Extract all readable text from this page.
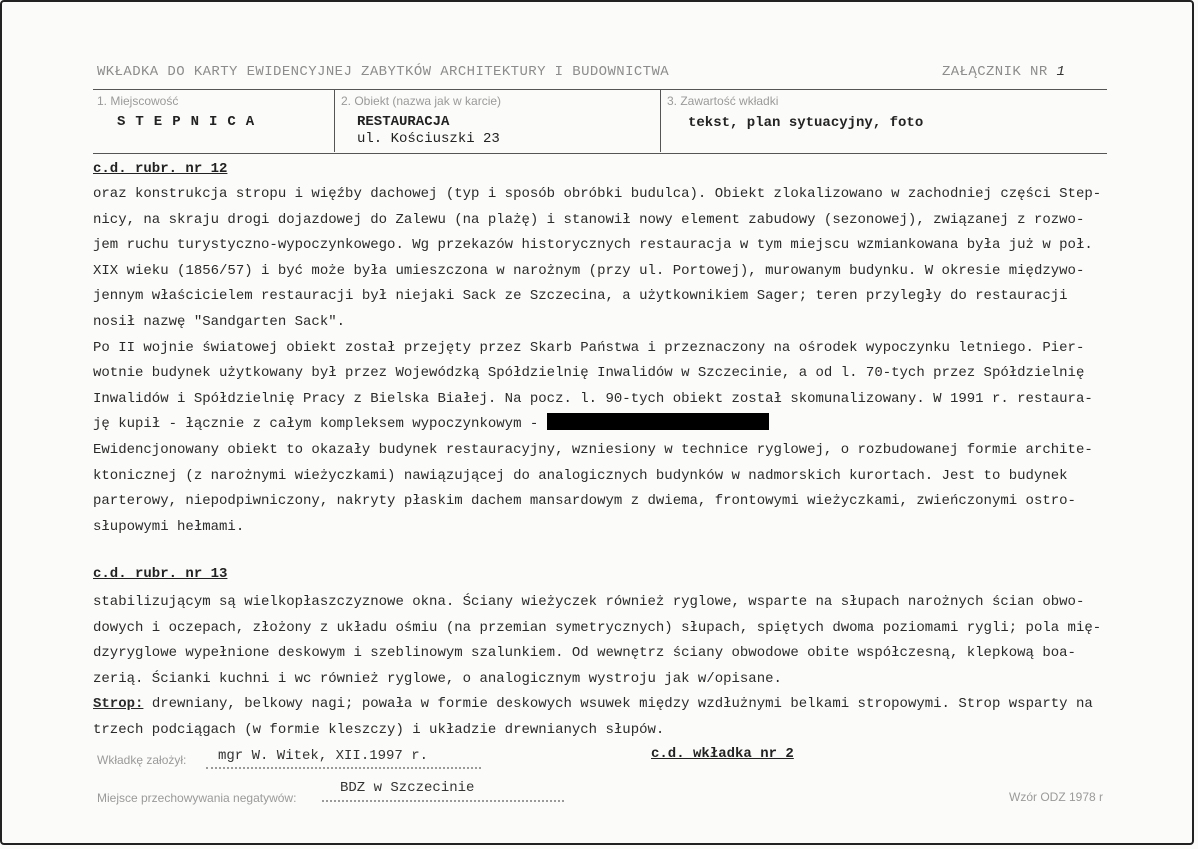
WKŁADKA DO KARTY EWIDENCYJNEJ ZABYTKÓW ARCHITEKTURY I BUDOWNICTWA	ZAŁĄCZNIK NR 1
1. Miejscowość
STEPNICA
2. Obiekt (nazwa jak w karcie)
RESTAURACJA
ul. Kościuszki 23
3. Zawartość wkładki
tekst, plan sytuacyjny, foto
c.d. rubr. nr 12
oraz konstrukcja stropu i więźby dachowej (typ i sposób obróbki budulca). Obiekt zlokalizowano w zachodniej części Step-
nicy, na skraju drogi dojazdowej do Zalewu (na plażę) i stanowił nowy element zabudowy (sezonowej), związanej z rozwo-
jem ruchu turystyczno-wypoczynkowego. Wg przekazów historycznych restauracja w tym miejscu wzmiankowana była już w poł.
XIX wieku (1856/57) i być może była umieszczona w narożnym (przy ul. Portowej), murowanym budynku. W okresie międzywo-
jennym właścicielem restauracji był niejaki Sack ze Szczecina, a użytkownikiem Sager; teren przyległy do restauracji
nosił nazwę "Sandgarten Sack".
Po II wojnie światowej obiekt został przejęty przez Skarb Państwa i przeznaczony na ośrodek wypoczynku letniego. Pier-
wotnie budynek użytkowany był przez Wojewódzką Spółdzielnię Inwalidów w Szczecinie, a od l. 70-tych przez Spółdzielnię
Inwalidów i Spółdzielnię Pracy z Bielska Białej. Na pocz. l. 90-tych obiekt został skomunalizowany. W 1991 r. restaura-
ję kupił - łącznie z całym kompleksem wypoczynkowym -
Ewidencjonowany obiekt to okazały budynek restauracyjny, wzniesiony w technice ryglowej, o rozbudowanej formie archite-
ktonicznej (z narożnymi wieżyczkami) nawiązującej do analogicznych budynków w nadmorskich kurortach. Jest to budynek
parterowy, niepodpiwniczony, nakryty płaskim dachem mansardowym z dwiema, frontowymi wieżyczkami, zwieńczonymi ostro-
słupowymi hełmami.
c.d. rubr. nr 13
stabilizującym są wielkopłaszczyznowe okna. Ściany wieżyczek również ryglowe, wsparte na słupach narożnych ścian obwo-
dowych i oczepach, złożony z układu ośmiu (na przemian symetrycznych) słupach, spiętych dwoma poziomami rygli; pola mię-
dzyryglowe wypełnione deskowym i szeblinowym szalunkiem. Od wewnętrz ściany obwodowe obite współczesną, klepkową boa-
zerią. Ścianki kuchni i wc również ryglowe, o analogicznym wystroju jak w/opisane.
Strop: drewniany, belkowy nagi; powała w formie deskowych wsuwek między wzdłużnymi belkami stropowymi. Strop wsparty na
trzech podciągach (w formie kleszczy) i układzie drewnianych słupów.
Wkładkę założył: mgr W. Witek, XII.1997 r.	c.d. wkładka nr 2
Miejsce przechowywania negatywów:
BDZ w Szczecinie
Wzór ODZ 1978 r
